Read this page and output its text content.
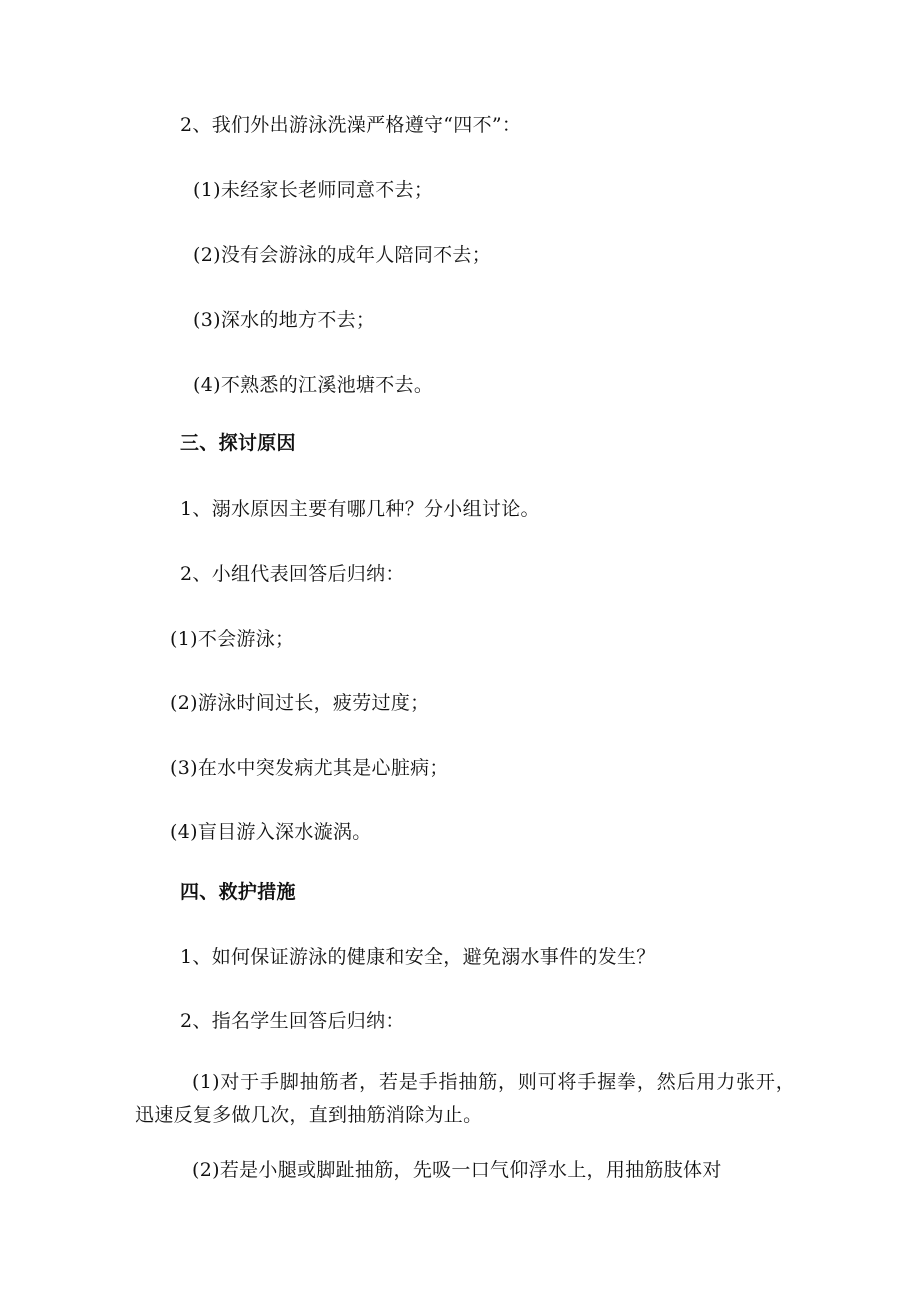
2、我们外出游泳洗澡严格遵守“四不”：
(1)未经家长老师同意不去；
(2)没有会游泳的成年人陪同不去；
(3)深水的地方不去；
(4)不熟悉的江溪池塘不去。
三、探讨原因
1、溺水原因主要有哪几种？分小组讨论。
2、小组代表回答后归纳：
(1)不会游泳；
(2)游泳时间过长，疲劳过度；
(3)在水中突发病尤其是心脏病；
(4)盲目游入深水漩涡。
四、救护措施
1、如何保证游泳的健康和安全，避免溺水事件的发生？
2、指名学生回答后归纳：
(1)对于手脚抽筋者，若是手指抽筋，则可将手握拳，然后用力张开，迅速反复多做几次，直到抽筋消除为止。
(2)若是小腿或脚趾抽筋，先吸一口气仰浮水上，用抽筋肢体对
